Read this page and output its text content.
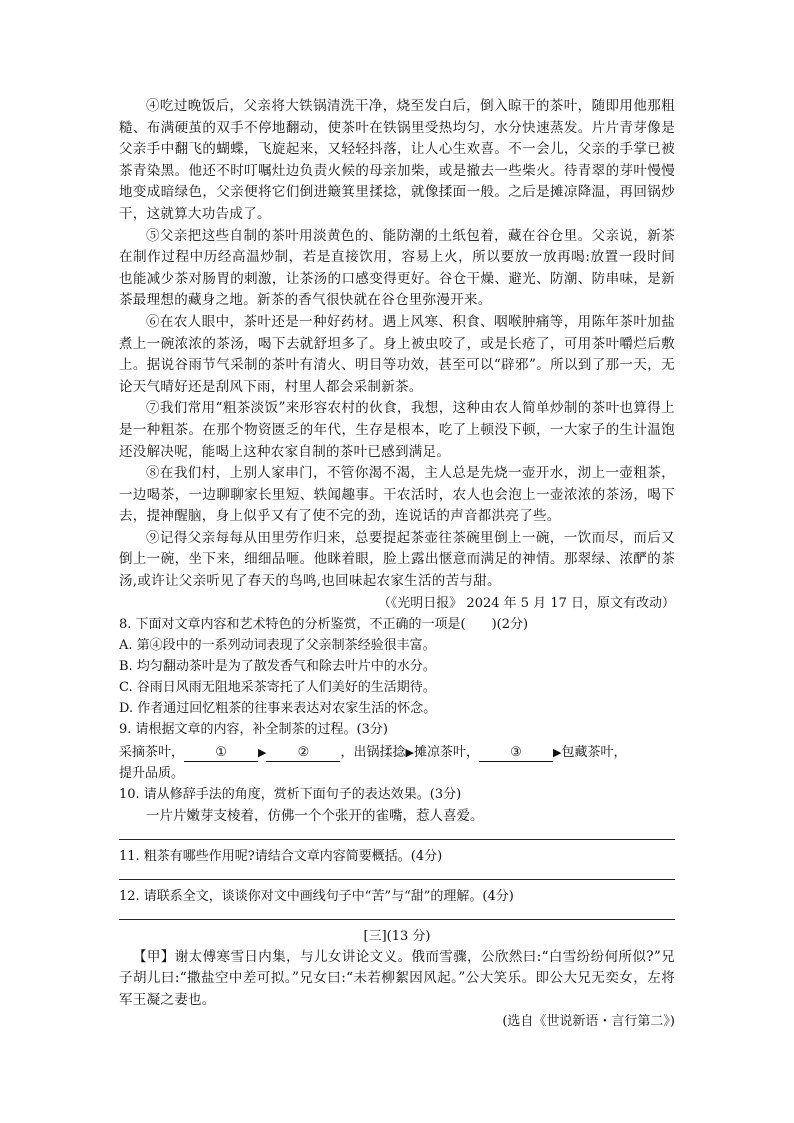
④吃过晚饭后，父亲将大铁锅清洗干净，烧至发白后，倒入晾干的茶叶，随即用他那粗糙、布满硬茧的双手不停地翻动，使茶叶在铁锅里受热均匀，水分快速蒸发。片片青芽像是父亲手中翻飞的蝴蝶，飞旋起来，又轻轻抖落，让人心生欢喜。不一会儿，父亲的手掌已被茶青染黑。他还不时叮嘱灶边负责火候的母亲加柴，或是撤去一些柴火。待青翠的芽叶慢慢地变成暗绿色，父亲便将它们倒进簸箕里揉捻，就像揉面一般。之后是摊凉降温，再回锅炒干，这就算大功告成了。

⑤父亲把这些自制的茶叶用淡黄色的、能防潮的土纸包着，藏在谷仓里。父亲说，新茶在制作过程中历经高温炒制，若是直接饮用，容易上火，所以要放一放再喝:放置一段时间也能减少茶对肠胃的刺激，让茶汤的口感变得更好。谷仓干燥、避光、防潮、防串味，是新茶最理想的藏身之地。新茶的香气很快就在谷仓里弥漫开来。

⑥在农人眼中，茶叶还是一种好药材。遇上风寒、积食、咽喉肿痛等，用陈年茶叶加盐煮上一碗浓浓的茶汤，喝下去就舒坦多了。身上被虫咬了，或是长疮了，可用茶叶嚼烂后敷上。据说谷雨节气采制的茶叶有清火、明目等功效，甚至可以“辟邪”。所以到了那一天，无论天气晴好还是刮风下雨，村里人都会采制新茶。

⑦我们常用“粗茶淡饭”来形容农村的伙食，我想，这种由农人简单炒制的茶叶也算得上是一种粗茶。在那个物资匮乏的年代，生存是根本，吃了上顿没下顿，一大家子的生计温饱还没解决呢，能喝上这种农家自制的茶叶已感到满足。

⑧在我们村，上别人家串门，不管你渴不渴，主人总是先烧一壶开水，沏上一壶粗茶，一边喝茶，一边聊聊家长里短、轶闻趣事。干农活时，农人也会泡上一壶浓浓的茶汤，喝下去，提神醒脑，身上似乎又有了使不完的劲，连说话的声音都洪亮了些。

⑨记得父亲每每从田里劳作归来，总要提起茶壶往茶碗里倒上一碗，一饮而尽，而后又倒上一碗，坐下来，细细品咂。他眯着眼，脸上露出惬意而满足的神情。那翠绿、浓酽的茶汤,或许让父亲听见了春天的鸟鸣,也回味起农家生活的苦与甜。

（《光明日报》 2024 年 5 月 17 日，原文有改动）

8. 下面对文章内容和艺术特色的分析鉴赏，不正确的一项是(　　)(2分)

A. 第④段中的一系列动词表现了父亲制茶经验很丰富。

B. 均匀翻动茶叶是为了散发香气和除去叶片中的水分。

C. 谷雨日风雨无阻地采茶寄托了人们美好的生活期待。

D. 作者通过回忆粗茶的往事来表达对农家生活的怀念。

9. 请根据文章的内容，补全制茶的过程。(3分)

采摘茶叶， ①	▶ ② ，出锅揉捻▶摊凉茶叶， ③	▶包藏茶叶，

提升品质。

10. 请从修辞手法的角度，赏析下面句子的表达效果。(3分)

一片片嫩芽支棱着，仿佛一个个张开的雀嘴，惹人喜爱。

11. 粗茶有哪些作用呢?请结合文章内容简要概括。(4分)

12. 请联系全文，谈谈你对文中画线句子中“苦”与“甜”的理解。(4分)

[三](13 分)

【甲】谢太傅寒雪日内集，与儿女讲论文义。俄而雪骤，公欣然曰:“白雪纷纷何所似?”兄子胡儿曰:“撒盐空中差可拟。”兄女曰:“未若柳絮因风起。”公大笑乐。即公大兄无奕女，左将军王凝之妻也。

(选自《世说新语・言行第二》)
